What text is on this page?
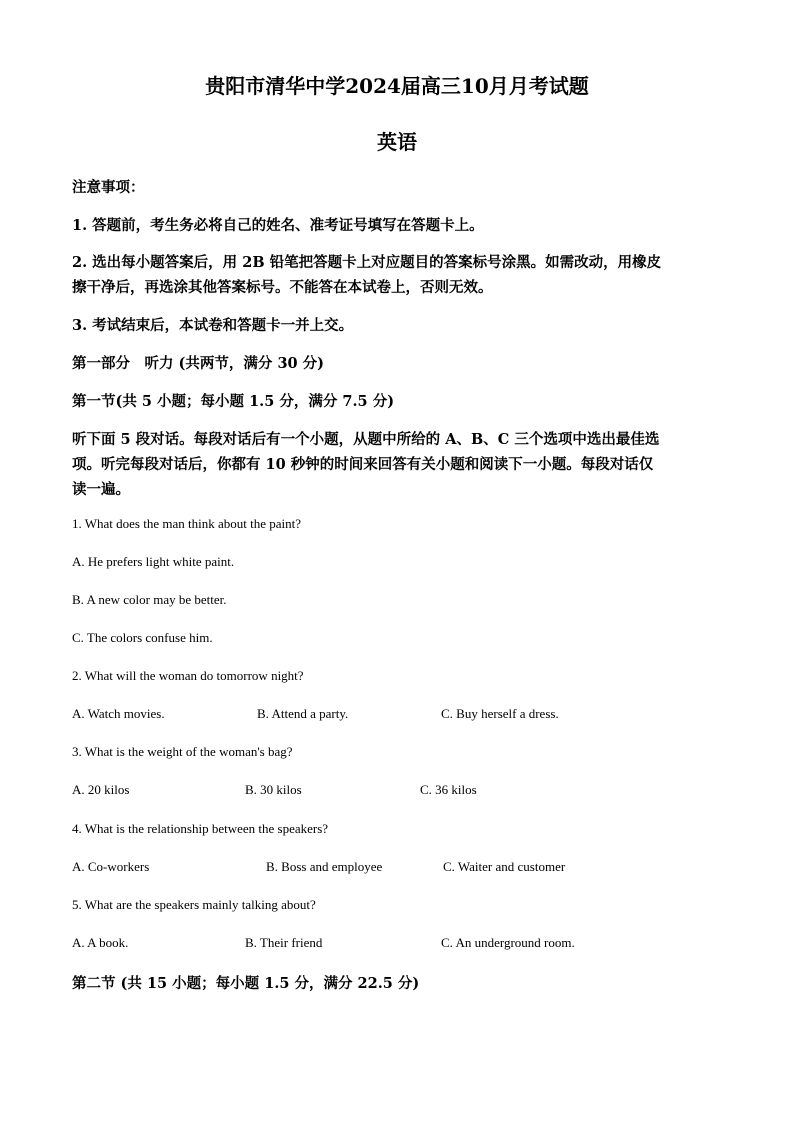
贵阳市清华中学2024届高三10月月考试题
英语
注意事项：
1. 答题前，考生务必将自己的姓名、准考证号填写在答题卡上。
2. 选出每小题答案后，用 2B 铅笔把答题卡上对应题目的答案标号涂黑。如需改动，用橡皮
擦干净后，再选涂其他答案标号。不能答在本试卷上，否则无效。
3. 考试结束后，本试卷和答题卡一并上交。
第一部分　听力 (共两节，满分 30 分)
第一节(共 5 小题；每小题 1.5 分，满分 7.5 分)
听下面 5 段对话。每段对话后有一个小题，从题中所给的 A、B、C 三个选项中选出最佳选
项。听完每段对话后，你都有 10 秒钟的时间来回答有关小题和阅读下一小题。每段对话仅
读一遍。
1. What does the man think about the paint?
A. He prefers light white paint.
B. A new color may be better.
C. The colors confuse him.
2. What will the woman do tomorrow night?
A. Watch movies.	B. Attend a party.	C. Buy herself a dress.
3. What is the weight of the woman's bag?
A. 20 kilos	B. 30 kilos	C. 36 kilos
4. What is the relationship between the speakers?
A. Co-workers	B. Boss and employee	C. Waiter and customer
5. What are the speakers mainly talking about?
A. A book.	B. Their friend	C. An underground room.
第二节 (共 15 小题；每小题 1.5 分，满分 22.5 分)
